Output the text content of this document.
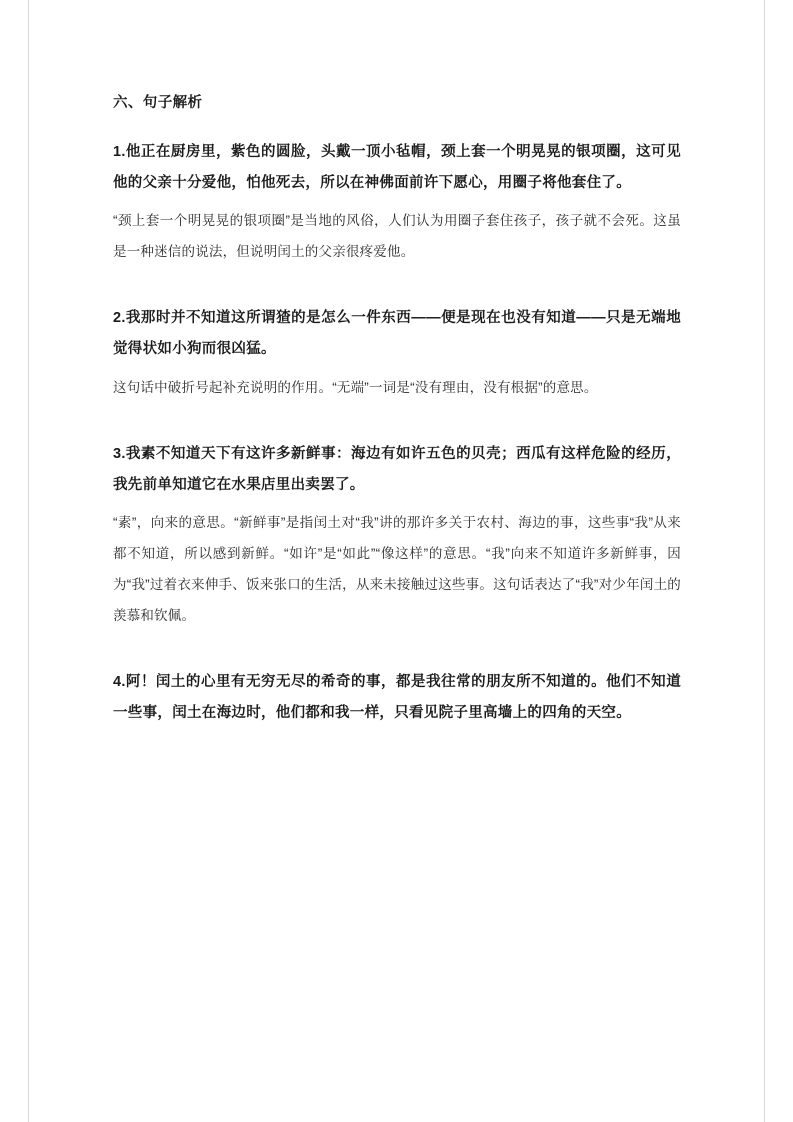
六、句子解析

1.他正在厨房里，紫色的圆脸，头戴一顶小毡帽，颈上套一个明晃晃的银项圈，这可见他的父亲十分爱他，怕他死去，所以在神佛面前许下愿心，用圈子将他套住了。

“颈上套一个明晃晃的银项圈”是当地的风俗，人们认为用圈子套住孩子，孩子就不会死。这虽是一种迷信的说法，但说明闰土的父亲很疼爱他。

2.我那时并不知道这所谓猹的是怎么一件东西——便是现在也没有知道——只是无端地觉得状如小狗而很凶猛。

这句话中破折号起补充说明的作用。“无端”一词是“没有理由，没有根据”的意思。

3.我素不知道天下有这许多新鲜事：海边有如许五色的贝壳；西瓜有这样危险的经历，我先前单知道它在水果店里出卖罢了。

“素”，向来的意思。“新鲜事”是指闰土对“我”讲的那许多关于农村、海边的事，这些事“我”从来都不知道，所以感到新鲜。“如许”是“如此”“像这样”的意思。“我”向来不知道许多新鲜事，因为“我”过着衣来伸手、饭来张口的生活，从来未接触过这些事。这句话表达了“我”对少年闰土的羡慕和钦佩。

4.阿！闰土的心里有无穷无尽的希奇的事，都是我往常的朋友所不知道的。他们不知道一些事，闰土在海边时，他们都和我一样，只看见院子里高墙上的四角的天空。
